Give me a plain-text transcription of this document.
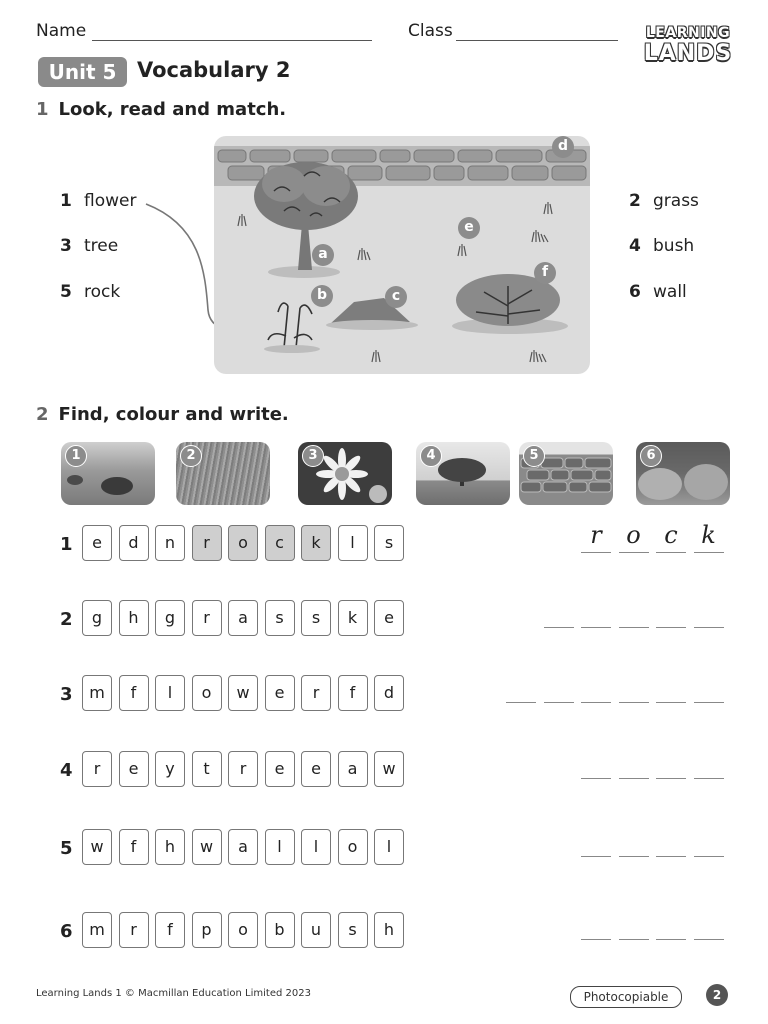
Name	Class	LEARNING
LANDS
Unit 5 Vocabulary 2
1 Look, read and match.
1 flower
3 tree
5 rock
2 grass
4 bush
6 wall
a
b	c
d
e
f
2 Find, colour and write.
1	2	3	4	5	6
1	e	d	n	r	o	c	k	l	s	r	o c k
2	g	h	g	r	a	s	s	k	e
3	m	f	l	o	w	e	r	f	d
4	r	e	y	t	r	e	e	a	w
5	w	f	h	w	a	l	l	o	l
6	m	r	f	p	o	b	u	s	h
Learning Lands 1 © Macmillan Education Limited 2023	Photocopiable	2
